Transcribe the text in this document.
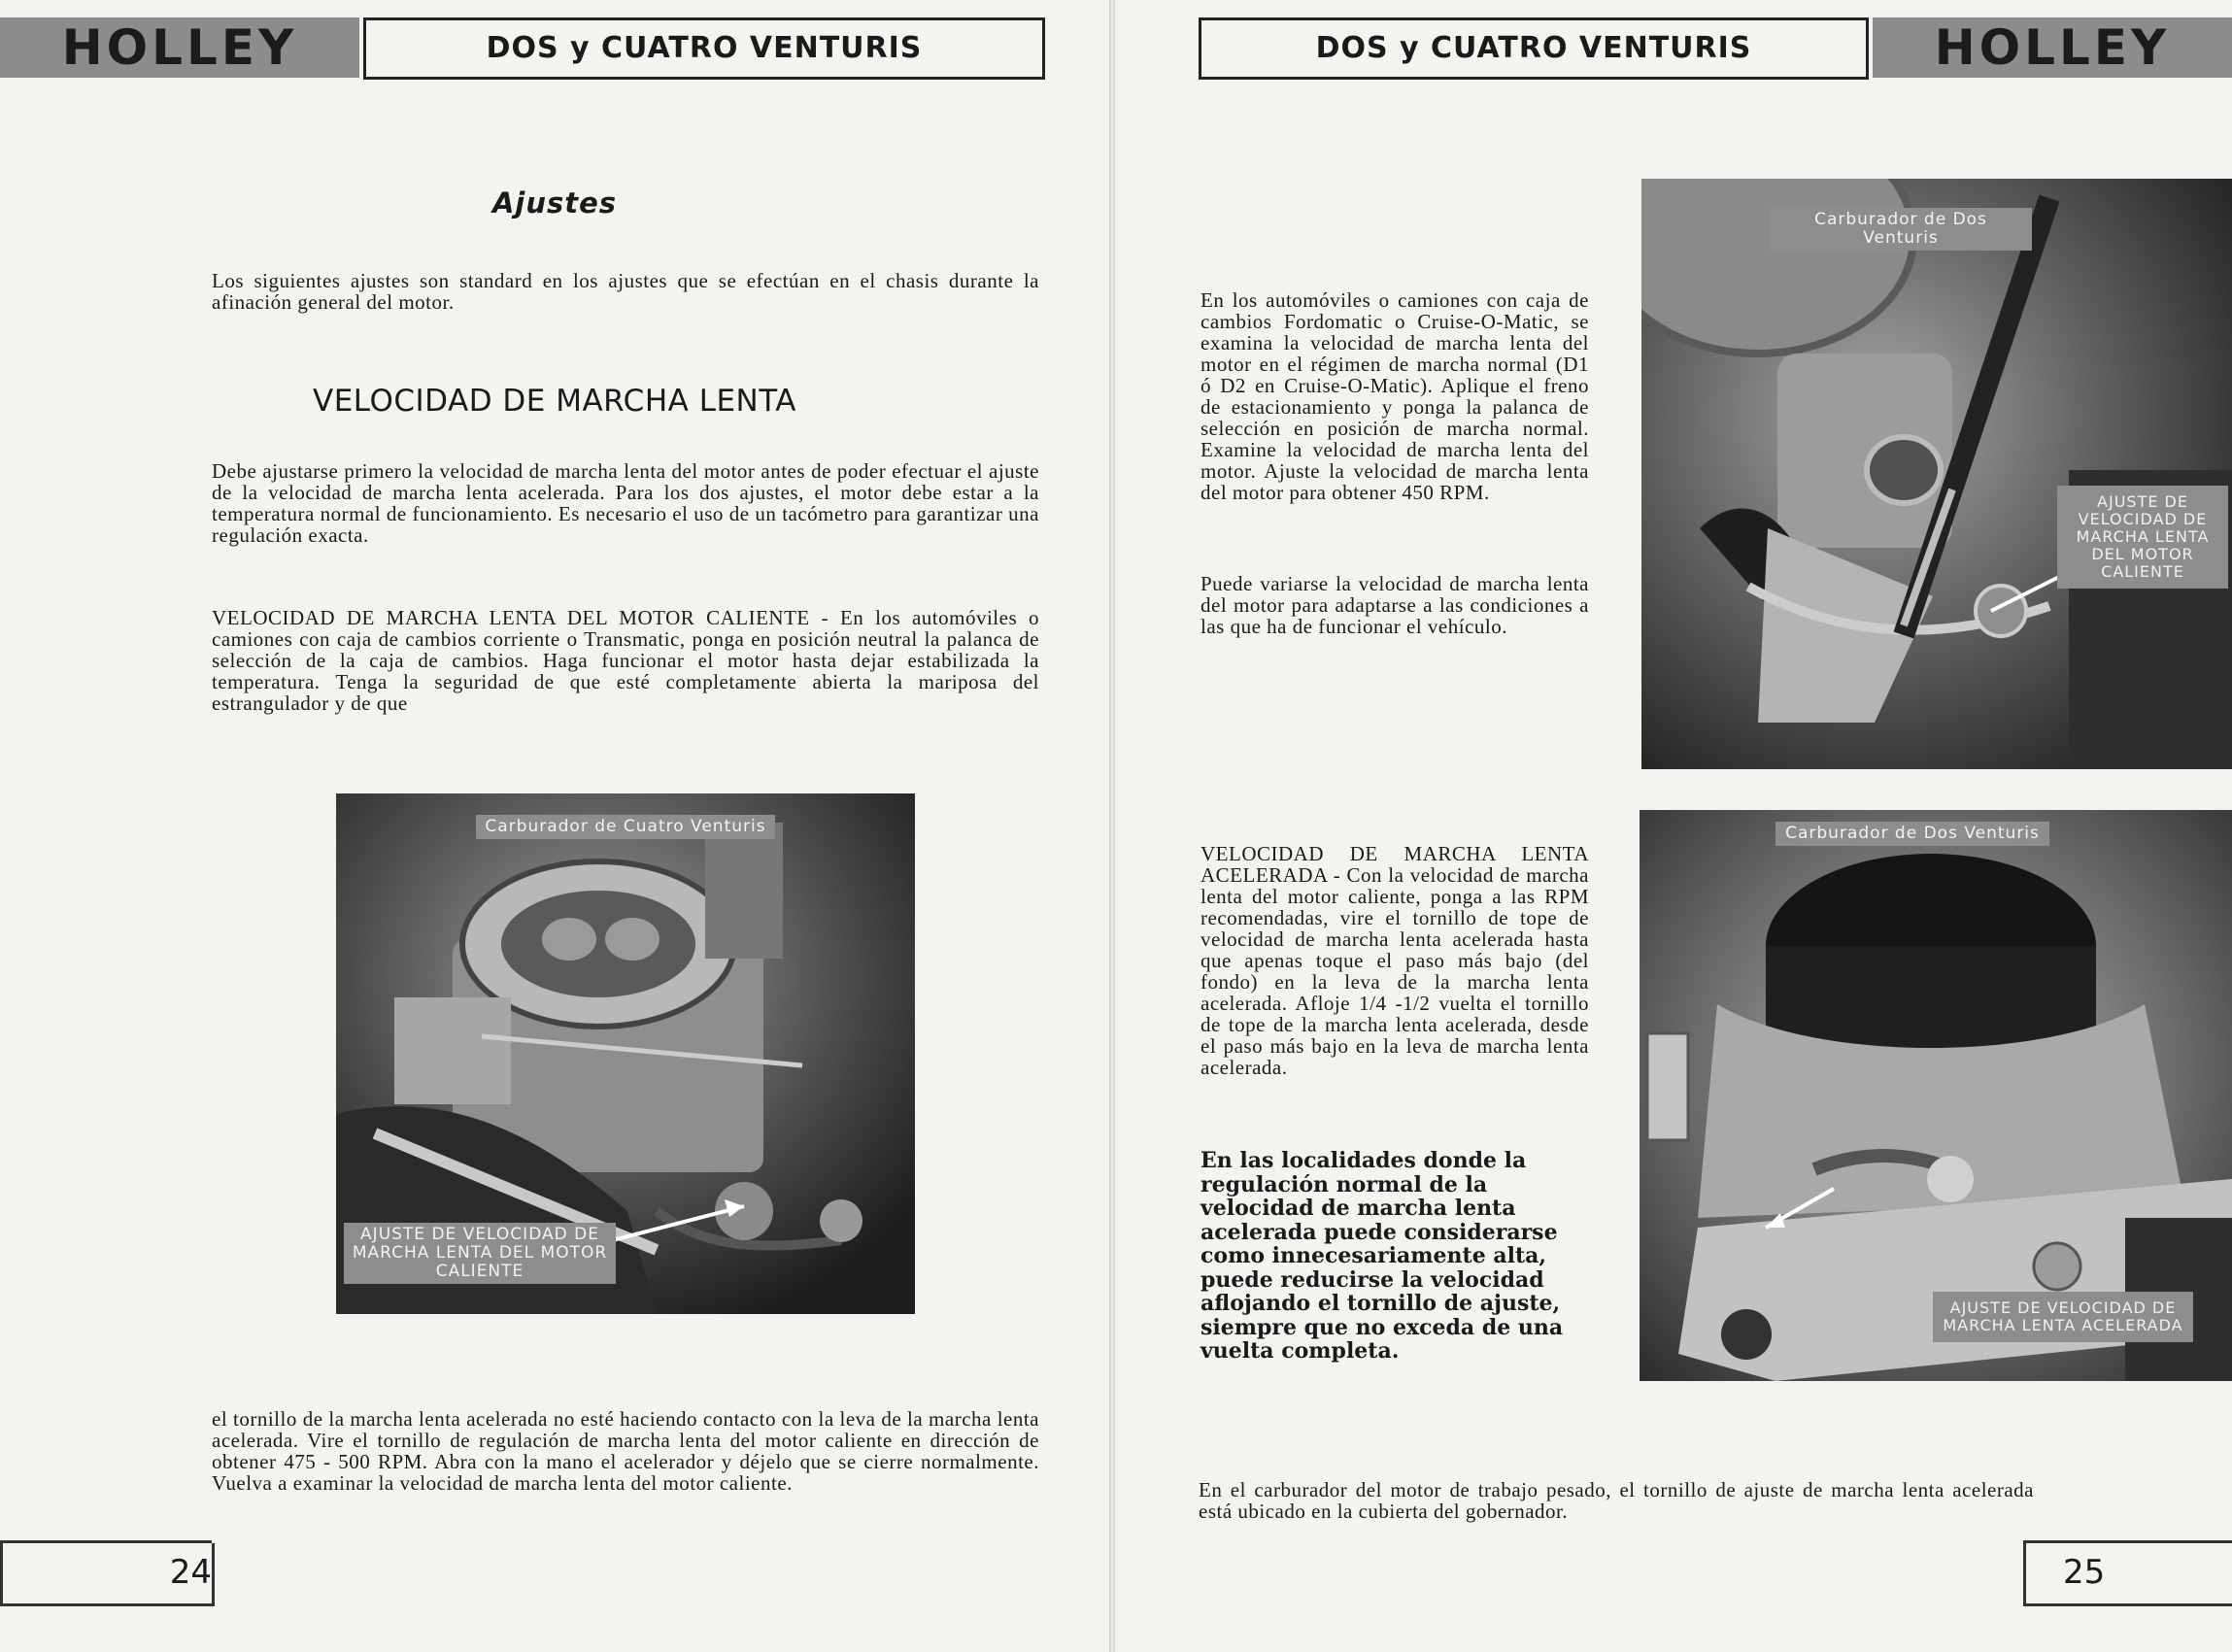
HOLLEY	DOS y CUATRO VENTURIS
Ajustes

Los siguientes ajustes son standard en los ajustes que se efectúan en el chasis durante la afinación general del motor.

VELOCIDAD DE MARCHA LENTA

Debe ajustarse primero la velocidad de marcha lenta del motor antes de poder efectuar el ajuste de la velocidad de marcha lenta acelerada. Para los dos ajustes, el motor debe estar a la temperatura normal de funcionamiento. Es necesario el uso de un tacómetro para garantizar una regulación exacta.

VELOCIDAD DE MARCHA LENTA DEL MOTOR CALIENTE - En los automóviles o camiones con caja de cambios corriente o Transmatic, ponga en posición neutral la palanca de selección de la caja de cambios. Haga funcionar el motor hasta dejar estabilizada la temperatura. Tenga la seguridad de que esté completamente abierta la mariposa del estrangulador y de que

Carburador de Cuatro Venturis
AJUSTE DE VELOCIDAD DE MARCHA LENTA DEL MOTOR CALIENTE

el tornillo de la marcha lenta acelerada no esté haciendo contacto con la leva de la marcha lenta acelerada. Vire el tornillo de regulación de marcha lenta del motor caliente en dirección de obtener 475 - 500 RPM. Abra con la mano el acelerador y déjelo que se cierre normalmente. Vuelva a examinar la velocidad de marcha lenta del motor caliente.

24
DOS y CUATRO VENTURIS	HOLLEY

En los automóviles o camiones con caja de cambios Fordomatic o Cruise-O-Matic, se examina la velocidad de marcha lenta del motor en el régimen de marcha normal (D1 ó D2 en Cruise-O-Matic). Aplique el freno de estacionamiento y ponga la palanca de selección en posición de marcha normal. Examine la velocidad de marcha lenta del motor. Ajuste la velocidad de marcha lenta del motor para obtener 450 RPM.

Puede variarse la velocidad de marcha lenta del motor para adaptarse a las condiciones a las que ha de funcionar el vehículo.

Carburador de Dos Venturis
AJUSTE DE VELOCIDAD DE MARCHA LENTA DEL MOTOR CALIENTE

VELOCIDAD DE MARCHA LENTA ACELERADA - Con la velocidad de marcha lenta del motor caliente, ponga a las RPM recomendadas, vire el tornillo de tope de velocidad de marcha lenta acelerada hasta que apenas toque el paso más bajo (del fondo) en la leva de la marcha lenta acelerada. Afloje 1/4 -1/2 vuelta el tornillo de tope de la marcha lenta acelerada, desde el paso más bajo en la leva de marcha lenta acelerada.

En las localidades donde la regulación normal de la velocidad de marcha lenta acelerada puede considerarse como innecesariamente alta, puede reducirse la velocidad aflojando el tornillo de ajuste, siempre que no exceda de una vuelta completa.

Carburador de Dos Venturis
AJUSTE DE VELOCIDAD DE MARCHA LENTA ACELERADA

En el carburador del motor de trabajo pesado, el tornillo de ajuste de marcha lenta acelerada está ubicado en la cubierta del gobernador.

25
